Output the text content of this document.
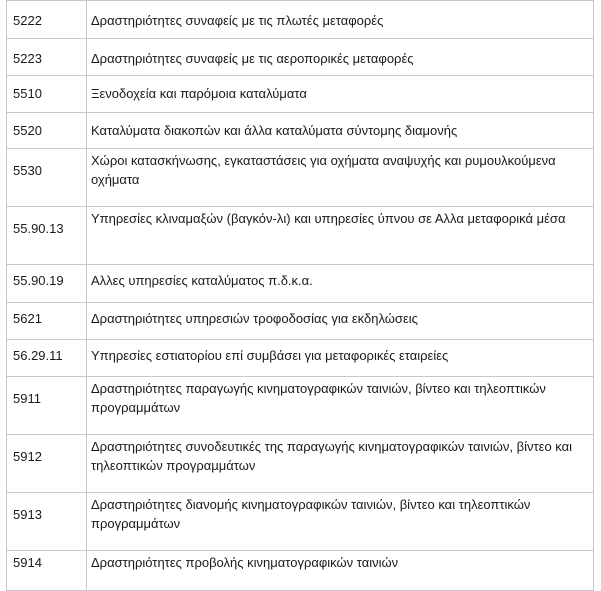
5222	Δραστηριότητες συναφείς με τις πλωτές μεταφορές
5223	Δραστηριότητες συναφείς με τις αεροπορικές μεταφορές
5510	Ξενοδοχεία και παρόμοια καταλύματα
5520	Καταλύματα διακοπών και άλλα καταλύματα σύντομης διαμονής
5530	Χώροι κατασκήνωσης, εγκαταστάσεις για οχήματα αναψυχής και ρυμουλκούμενα οχήματα
55.90.13	Υπηρεσίες κλιναμαξών (βαγκόν-λι) και υπηρεσίες ύπνου σε Αλλα μεταφορικά μέσα
55.90.19	Αλλες υπηρεσίες καταλύματος π.δ.κ.α.
5621	Δραστηριότητες υπηρεσιών τροφοδοσίας για εκδηλώσεις
56.29.11	Υπηρεσίες εστιατορίου επί συμβάσει για μεταφορικές εταιρείες
5911	Δραστηριότητες παραγωγής κινηματογραφικών ταινιών, βίντεο και τηλεοπτικών προγραμμάτων
5912	Δραστηριότητες συνοδευτικές της παραγωγής κινηματογραφικών ταινιών, βίντεο και τηλεοπτικών προγραμμάτων
5913	Δραστηριότητες διανομής κινηματογραφικών ταινιών, βίντεο και τηλεοπτικών προγραμμάτων
5914	Δραστηριότητες προβολής κινηματογραφικών ταινιών
